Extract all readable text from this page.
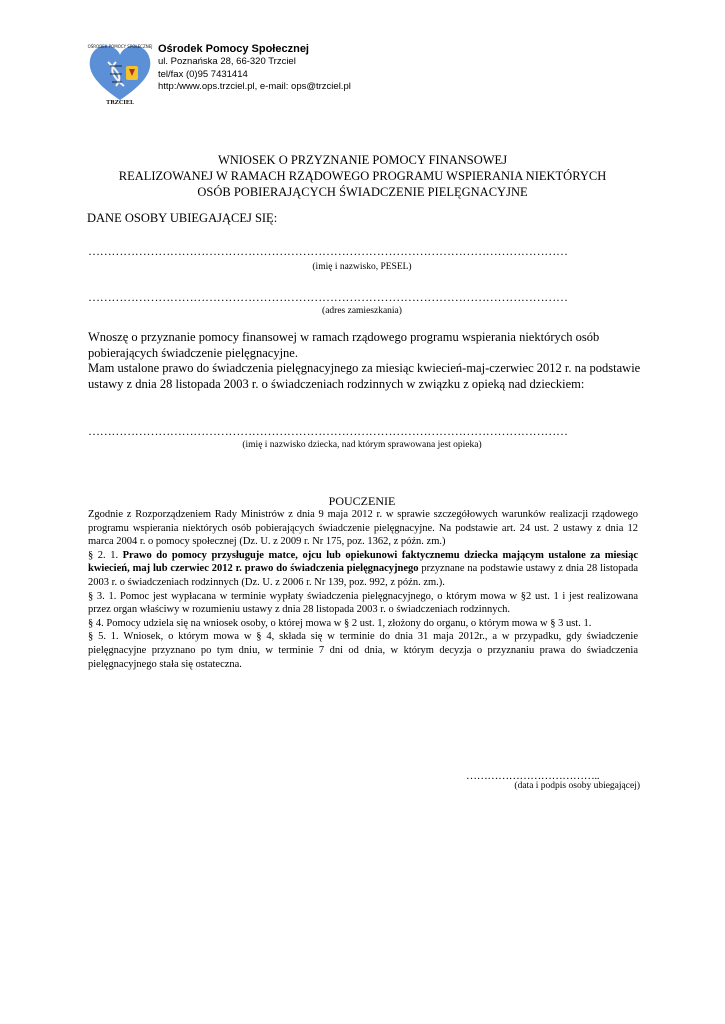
OŚRODEK POMOCY SPOŁECZNEJ
TRZCIEL
Ośrodek Pomocy Społecznej
ul. Poznańska 28, 66-320 Trzciel
tel/fax (0)95 7431414
http:/www.ops.trzciel.pl, e-mail: ops@trzciel.pl
WNIOSEK O PRZYZNANIE POMOCY FINANSOWEJ
REALIZOWANEJ W RAMACH RZĄDOWEGO PROGRAMU WSPIERANIA NIEKTÓRYCH
OSÓB POBIERAJĄCYCH ŚWIADCZENIE PIELĘGNACYJNE
DANE OSOBY UBIEGAJĄCEJ SIĘ:
……………………………………………………………………………………………………………
(imię i nazwisko, PESEL)
……………………………………………………………………………………………………………
(adres zamieszkania)

Wnoszę o przyznanie pomocy finansowej w ramach rządowego programu wspierania niektórych osób pobierających świadczenie pielęgnacyjne.

Mam ustalone prawo do świadczenia pielęgnacyjnego za miesiąc kwiecień-maj-czerwiec 2012 r. na podstawie ustawy z dnia 28 listopada 2003 r. o świadczeniach rodzinnych w związku z opieką nad dzieckiem:

……………………………………………………………………………………………………………
(imię i nazwisko dziecka, nad którym sprawowana jest opieka)
POUCZENIE

Zgodnie z Rozporządzeniem Rady Ministrów z dnia 9 maja 2012 r. w sprawie szczegółowych warunków realizacji rządowego programu wspierania niektórych osób pobierających świadczenie pielęgnacyjne. Na podstawie art. 24 ust. 2 ustawy z dnia 12 marca 2004 r. o pomocy społecznej (Dz. U. z 2009 r. Nr 175, poz. 1362, z późn. zm.)

§ 2. 1. Prawo do pomocy przysługuje matce, ojcu lub opiekunowi faktycznemu dziecka mającym ustalone za miesiąc kwiecień, maj lub czerwiec 2012 r. prawo do świadczenia pielęgnacyjnego przyznane na podstawie ustawy z dnia 28 listopada 2003 r. o świadczeniach rodzinnych (Dz. U. z 2006 r. Nr 139, poz. 992, z późn. zm.).

§ 3. 1. Pomoc jest wypłacana w terminie wypłaty świadczenia pielęgnacyjnego, o którym mowa w §2 ust. 1 i jest realizowana przez organ właściwy w rozumieniu ustawy z dnia 28 listopada 2003 r. o świadczeniach rodzinnych.

§ 4. Pomocy udziela się na wniosek osoby, o której mowa w § 2 ust. 1, złożony do organu, o którym mowa w § 3 ust. 1.

§ 5. 1. Wniosek, o którym mowa w § 4, składa się w terminie do dnia 31 maja 2012r., a w przypadku, gdy świadczenie pielęgnacyjne przyznano po tym dniu, w terminie 7 dni od dnia, w którym decyzja o przyznaniu prawa do świadczenia pielęgnacyjnego stała się ostateczna.

………………………………..
(data i podpis osoby ubiegającej)
